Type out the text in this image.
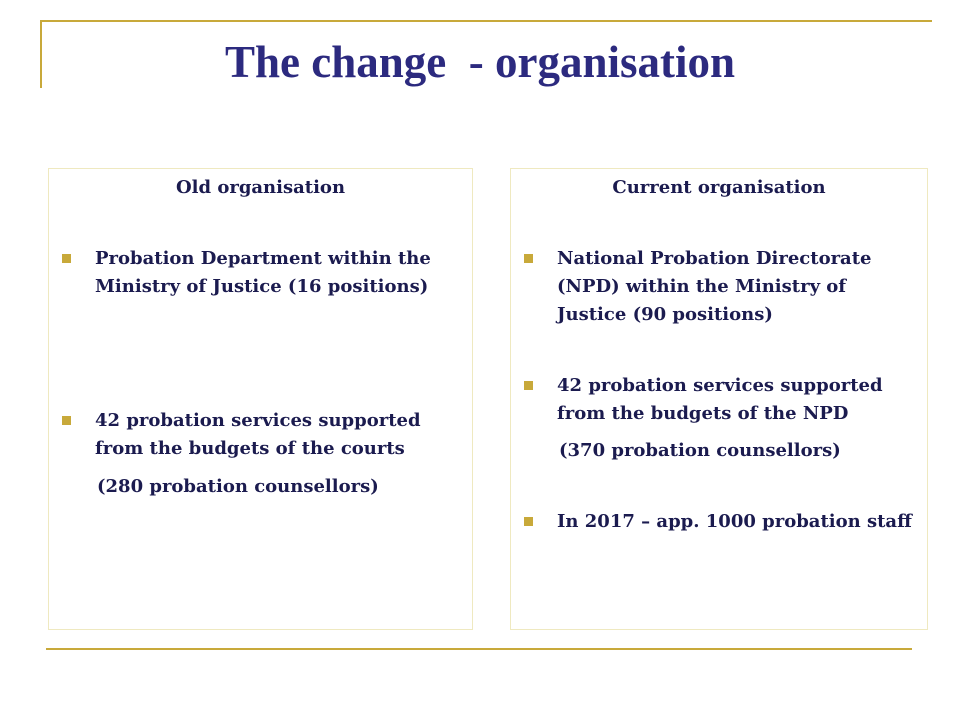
The change  - organisation
Old organisation
Probation Department within the Ministry of Justice (16 positions)
42 probation services supported from the budgets of the courts
(280 probation counsellors)
Current organisation
National Probation Directorate (NPD) within the Ministry of Justice (90 positions)
42 probation services supported from the budgets of the NPD
(370 probation counsellors)
In 2017 – app. 1000 probation staff
